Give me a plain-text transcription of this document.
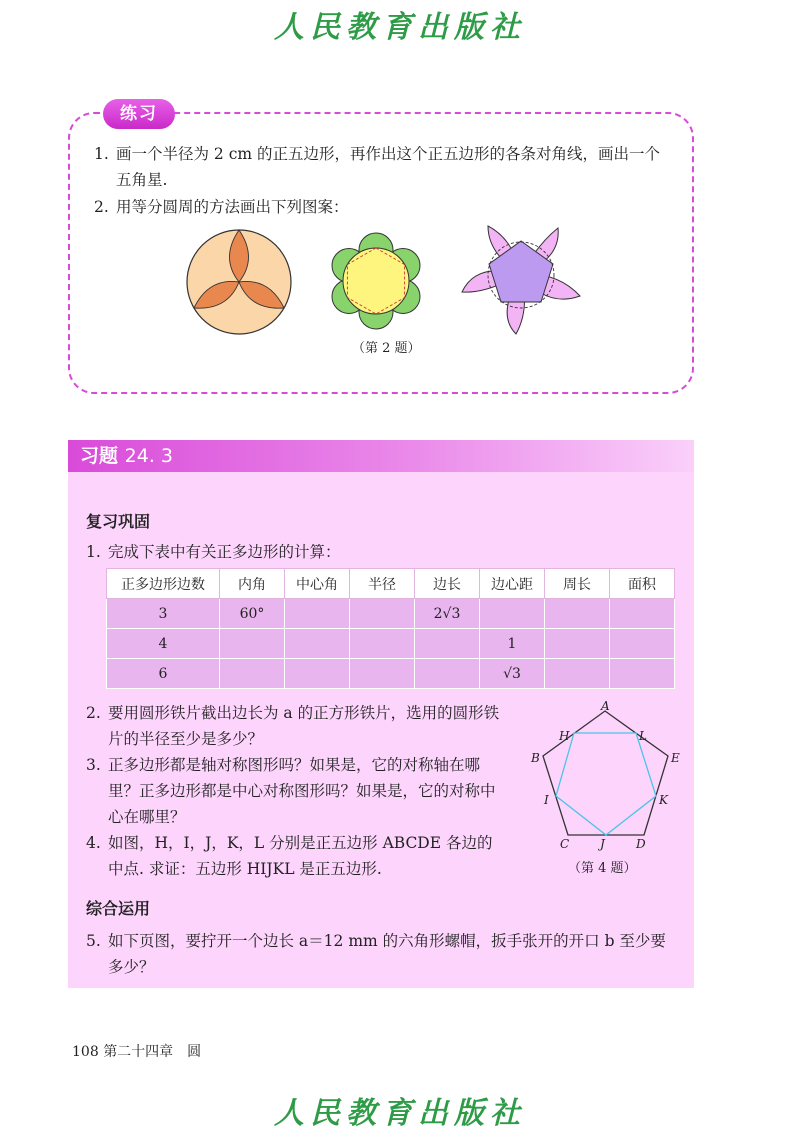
人民教育出版社
练习
1. 画一个半径为 2 cm 的正五边形，再作出这个正五边形的各条对角线，画出一个
五角星.
2. 用等分圆周的方法画出下列图案：
（第 2 题）
习题 24. 3
复习巩固
1. 完成下表中有关正多边形的计算：
正多边形边数	内角	中心角	半径	边长	边心距	周长	面积
3	60°			2√3			
4					1		
6					√3		
2. 要用圆形铁片截出边长为 a 的正方形铁片，选用的圆形铁
片的半径至少是多少？
3. 正多边形都是轴对称图形吗？如果是，它的对称轴在哪
里？正多边形都是中心对称图形吗？如果是，它的对称中
心在哪里？
4. 如图，H，I，J，K，L 分别是正五边形 ABCDE 各边的
中点. 求证：五边形 HIJKL 是正五边形.
A
B
C	D
E
H
I
J
K
L
（第 4 题）
综合运用
5. 如下页图，要拧开一个边长 a＝12 mm 的六角形螺帽，扳手张开的开口 b 至少要
多少？
108 第二十四章　圆
人民教育出版社
